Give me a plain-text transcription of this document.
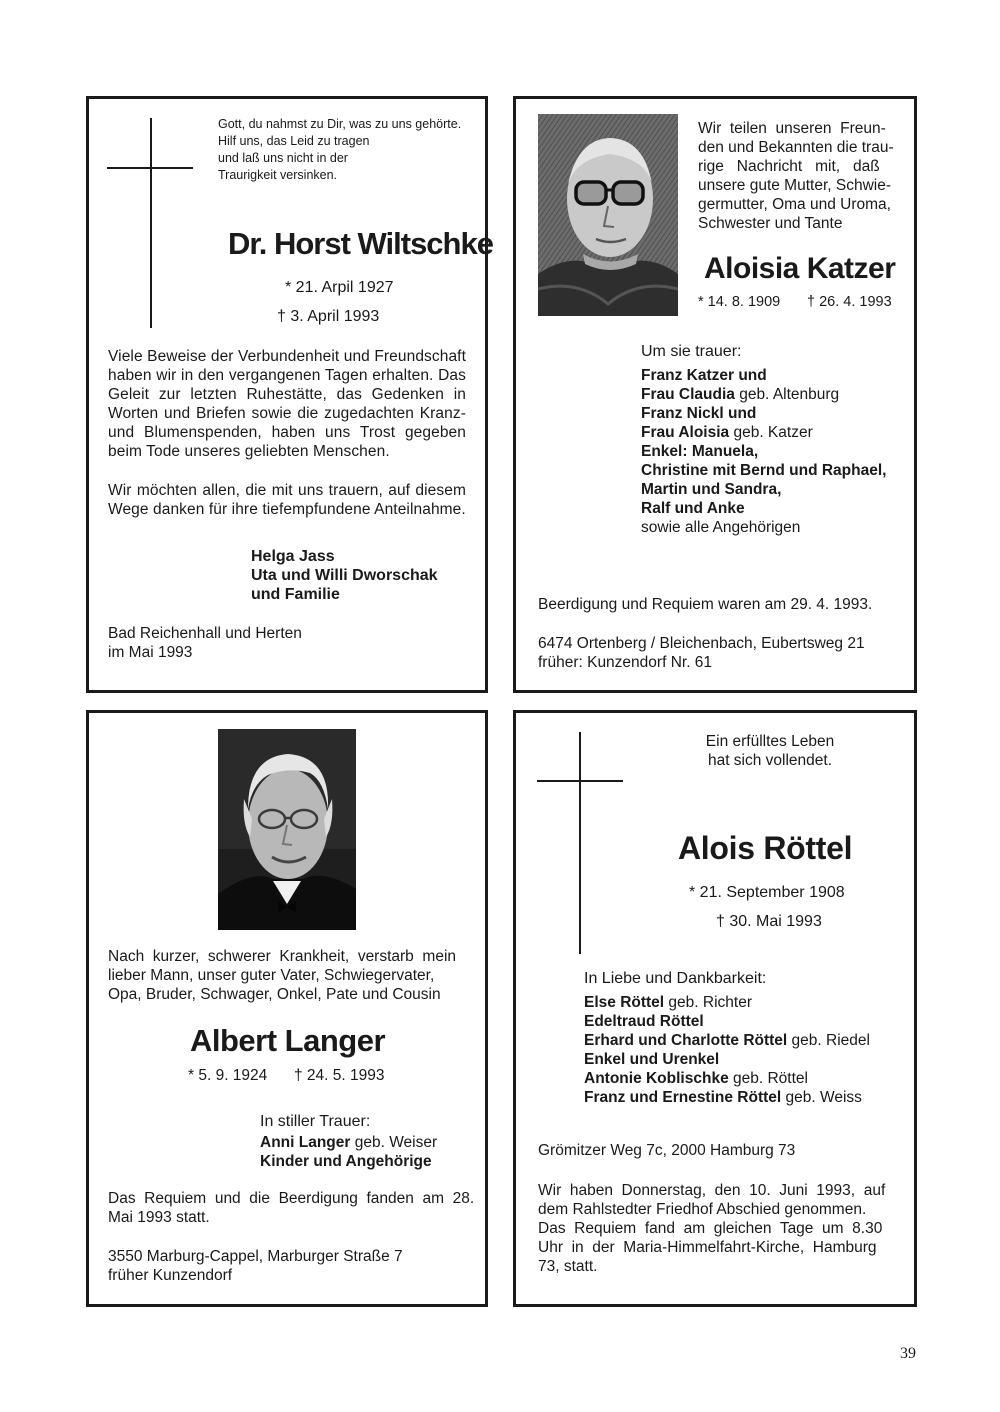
Gott, du nahmst zu Dir, was zu uns gehörte.
Hilf uns, das Leid zu tragen
und laß uns nicht in der
Traurigkeit versinken.
Dr. Horst Wiltschke
* 21. Arpil 1927
† 3. April 1993
Viele Beweise der Verbundenheit und Freundschaft haben wir in den vergangenen Tagen erhalten. Das Geleit zur letzten Ruhestätte, das Gedenken in Worten und Briefen sowie die zugedachten Kranz- und Blumenspenden, haben uns Trost gegeben beim Tode unseres geliebten Menschen.
Wir möchten allen, die mit uns trauern, auf diesem Wege danken für ihre tiefempfundene Anteilnahme.
Helga Jass
Uta und Willi Dworschak
und Familie
Bad Reichenhall und Herten
im Mai 1993
Wir  teilen  unseren  Freun-
den und Bekannten die trau-
rige   Nachricht   mit,   daß
unsere gute Mutter, Schwie-
germutter, Oma und Uroma,
Schwester und Tante
Aloisia Katzer
* 14. 8. 1909 † 26. 4. 1993
Um sie trauer:
Franz Katzer und
Frau Claudia geb. Altenburg
Franz Nickl und
Frau Aloisia geb. Katzer
Enkel: Manuela,
Christine mit Bernd und Raphael,
Martin und Sandra,
Ralf und Anke
sowie alle Angehörigen
Beerdigung und Requiem waren am 29. 4. 1993.
6474 Ortenberg / Bleichenbach, Eubertsweg 21
früher: Kunzendorf Nr. 61
Nach  kurzer,  schwerer  Krankheit,  verstarb  mein
lieber Mann, unser guter Vater, Schwiegervater,
Opa, Bruder, Schwager, Onkel, Pate und Cousin
Albert Langer
* 5. 9. 1924 † 24. 5. 1993
In stiller Trauer:
Anni Langer geb. Weiser
Kinder und Angehörige
Das  Requiem  und  die  Beerdigung  fanden  am  28.
Mai 1993 statt.
3550 Marburg-Cappel, Marburger Straße 7
früher Kunzendorf
Ein erfülltes Leben
hat sich vollendet.
Alois Röttel
* 21. September 1908
† 30. Mai 1993
In Liebe und Dankbarkeit:
Else Röttel geb. Richter
Edeltraud Röttel
Erhard und Charlotte Röttel geb. Riedel
Enkel und Urenkel
Antonie Koblischke geb. Röttel
Franz und Ernestine Röttel geb. Weiss
Grömitzer Weg 7c, 2000 Hamburg 73
Wir  haben  Donnerstag,  den  10.  Juni  1993,  auf
dem Rahlstedter Friedhof Abschied genommen.
Das  Requiem  fand  am  gleichen  Tage  um  8.30
Uhr  in  der  Maria-Himmelfahrt-Kirche,  Hamburg
73, statt.
39
